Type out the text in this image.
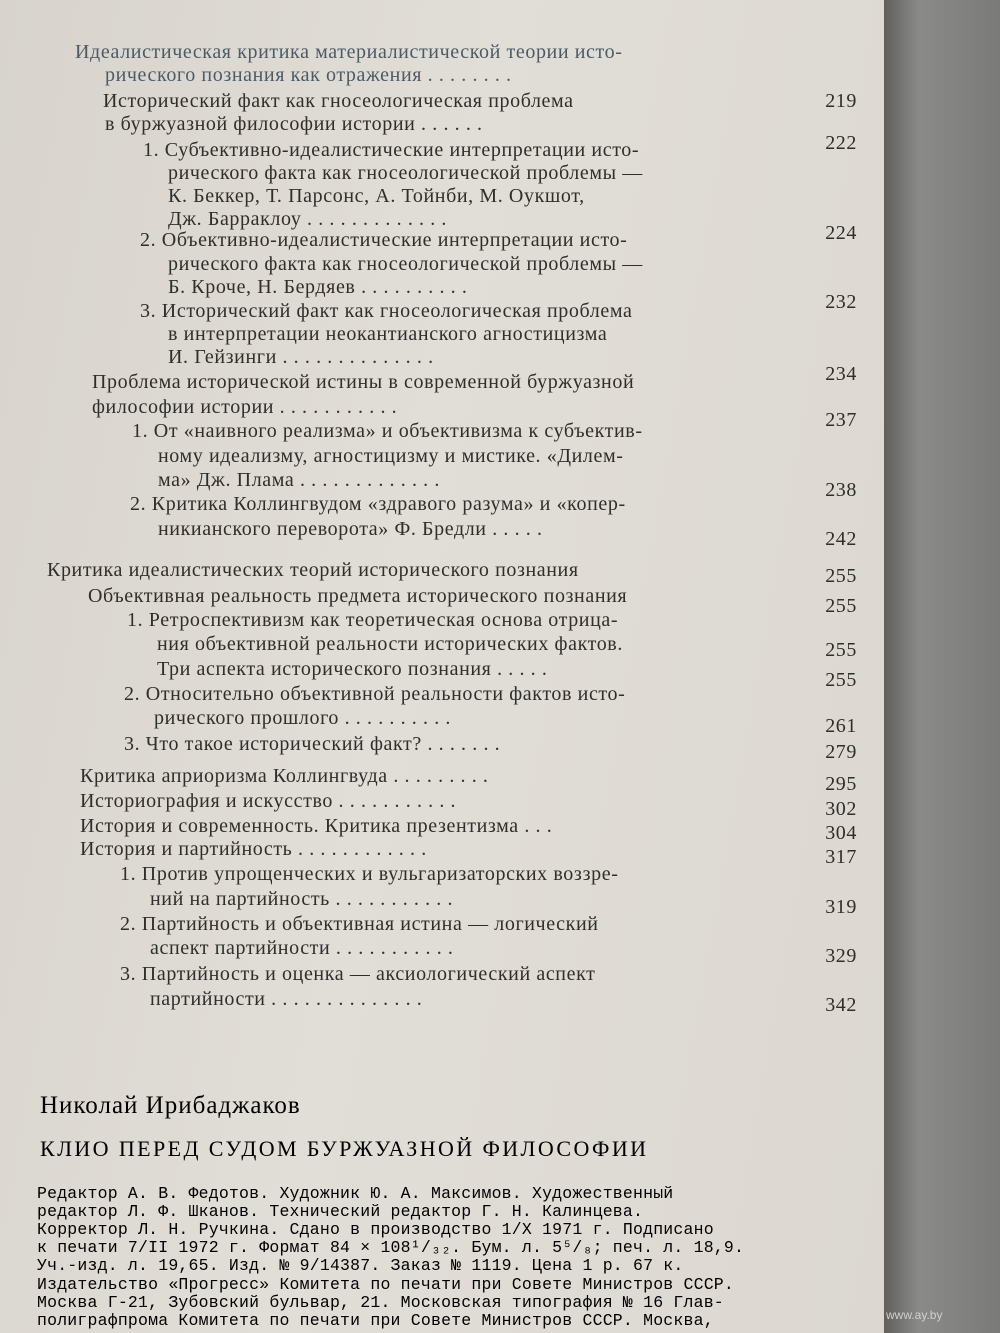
Идеалистическая критика материалистической теории исто-
рического познания как отражения . . . . . . . .
Исторический факт как гносеологическая проблема
в буржуазной философии истории . . . . . .
1. Субъективно-идеалистические интерпретации исто-
рического факта как гносеологической проблемы —
К. Беккер, Т. Парсонс, А. Тойнби, М. Оукшот,
Дж. Барраклоу . . . . . . . . . . . . .
2. Объективно-идеалистические интерпретации исто-
рического факта как гносеологической проблемы —
Б. Кроче, Н. Бердяев . . . . . . . . . .
3. Исторический факт как гносеологическая проблема
в интерпретации неокантианского агностицизма
И. Гейзинги . . . . . . . . . . . . . .
Проблема исторической истины в современной буржуазной
философии истории . . . . . . . . . . .
1. От «наивного реализма» и объективизма к субъектив-
ному идеализму, агностицизму и мистике. «Дилем-
ма» Дж. Плама . . . . . . . . . . . . .
2. Критика Коллингвудом «здравого разума» и «копер-
никианского переворота» Ф. Бредли . . . . .
Критика идеалистических теорий исторического познания
Объективная реальность предмета исторического познания
1. Ретроспективизм как теоретическая основа отрица-
ния объективной реальности исторических фактов.
Три аспекта исторического познания . . . . .
2. Относительно объективной реальности фактов исто-
рического прошлого . . . . . . . . . .
3. Что такое исторический факт? . . . . . . .
Критика априоризма Коллингвуда . . . . . . . . .
Историография и искусство . . . . . . . . . . .
История и современность. Критика презентизма . . .
История и партийность . . . . . . . . . . . .
1. Против упрощенческих и вульгаризаторских воззре-
ний на партийность . . . . . . . . . . .
2. Партийность и объективная истина — логический
аспект партийности . . . . . . . . . . .
3. Партийность и оценка — аксиологический аспект
партийности . . . . . . . . . . . . . .
219
222
224
232
234
237
238
242
255
255
255
255
261
279
295
302
304
317
319
329
342
Николай Ирибаджаков
КЛИО ПЕРЕД СУДОМ БУРЖУАЗНОЙ ФИЛОСОФИИ
Редактор А. В. Федотов. Художник Ю. А. Максимов. Художественный
редактор Л. Ф. Шканов. Технический редактор Г. Н. Калинцева.
Корректор Л. Н. Ручкина. Сдано в производство 1/X 1971 г. Подписано
к печати 7/II 1972 г. Формат 84 × 108¹/₃₂. Бум. л. 5⁵/₈; печ. л. 18,9.
Уч.-изд. л. 19,65. Изд. № 9/14387. Заказ № 1119. Цена 1 р. 67 к.
Издательство «Прогресс» Комитета по печати при Совете Министров СССР.
Москва Г-21, Зубовский бульвар, 21. Московская типография № 16 Глав-
полиграфпрома Комитета по печати при Совете Министров СССР. Москва,	www.ay.by
